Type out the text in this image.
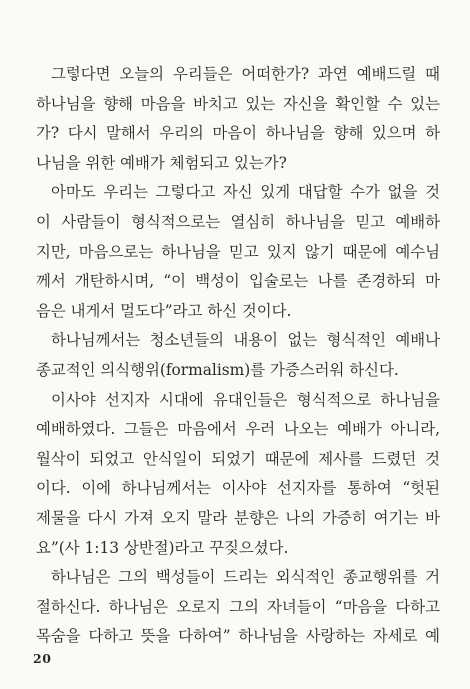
그렇다면 오늘의 우리들은 어떠한가? 과연 예배드릴 때
하나님을 향해 마음을 바치고 있는 자신을 확인할 수 있는
가? 다시 말해서 우리의 마음이 하나님을 향해 있으며 하
나님을 위한 예배가 체험되고 있는가?

아마도 우리는 그렇다고 자신 있게 대답할 수가 없을 것
이 사람들이 형식적으로는 열심히 하나님을 믿고 예배하
지만, 마음으로는 하나님을 믿고 있지 않기 때문에 예수님
께서 개탄하시며, “이 백성이 입술로는 나를 존경하되 마
음은 내게서 멀도다”라고 하신 것이다.

하나님께서는 청소년들의 내용이 없는 형식적인 예배나
종교적인 의식행위(formalism)를 가증스러워 하신다.

이사야 선지자 시대에 유대인들은 형식적으로 하나님을
예배하였다. 그들은 마음에서 우러 나오는 예배가 아니라,
월삭이 되었고 안식일이 되었기 때문에 제사를 드렸던 것
이다. 이에 하나님께서는 이사야 선지자를 통하여 “헛된
제물을 다시 가져 오지 말라 분향은 나의 가증히 여기는 바
요”(사 1:13 상반절)라고 꾸짖으셨다.

하나님은 그의 백성들이 드리는 외식적인 종교행위를 거
절하신다. 하나님은 오로지 그의 자녀들이 “마음을 다하고
목숨을 다하고 뜻을 다하여” 하나님을 사랑하는 자세로 예

20
